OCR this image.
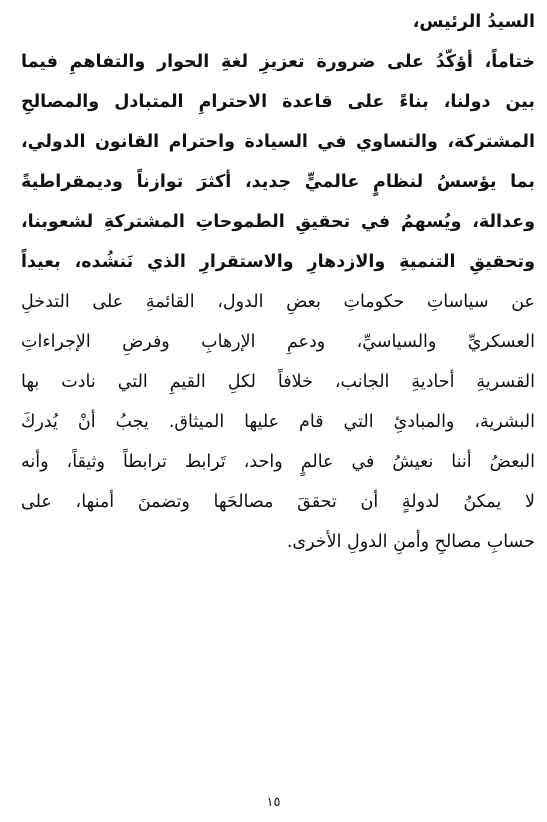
السيدُ الرئيس،
ختاماً، أؤكّدُ على ضرورة تعزيزِ لغةِ الحوار والتفاهمِ فيما
بين دولنا، بناءً على قاعدة الاحترامِ المتبادل والمصالحِ
المشتركة، والتساوي في السيادة واحترام القانون الدولي،
بما يؤسسُ لنظامٍ عالميٍّ جديد، أكثرَ توازناً وديمقراطيةً
وعدالة، ويُسهمُ في تحقيقِ الطموحاتِ المشتركةِ لشعوبنا،
وتحقيقِ التنميةِ والازدهارِ والاستقرارِ الذي نَنشُده، بعيداً
عن سياساتِ حكوماتِ بعضِ الدول، القائمةِ على التدخلِ
العسكريِّ والسياسيِّ، ودعمِ الإرهابِ وفرضِ الإجراءاتِ
القسريةِ أحاديةِ الجانب، خلافاً لكلِ القيمِ التي نادت بها
البشرية، والمبادئِ التي قام عليها الميثاق. يجبُ أنْ يُدركَ
البعضُ أننا نعيشُ في عالمٍ واحد، تَرابط ترابطاً وثيقاً، وأنه
لا يمكنُ لدولةٍ أن تحققَ مصالحَها وتضمنَ أمنها، على
حسابِ مصالحِ وأمنِ الدولِ الأخرى.
١٥
